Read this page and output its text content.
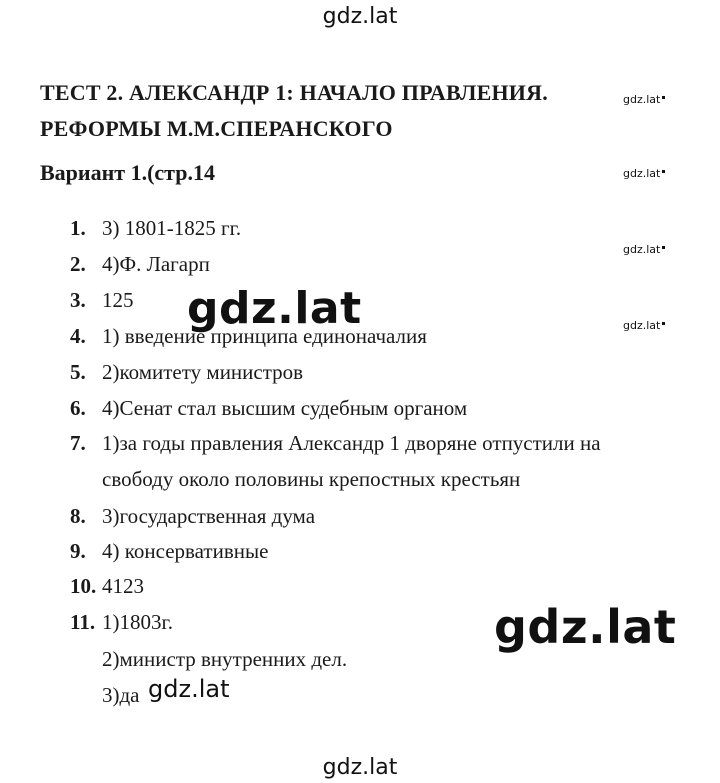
gdz.lat
ТЕСТ 2. АЛЕКСАНДР 1: НАЧАЛО ПРАВЛЕНИЯ.
РЕФОРМЫ М.М.СПЕРАНСКОГО
gdz.lat
gdz.lat
gdz.lat
gdz.lat
Вариант 1.(стр.14
1. 3) 1801-1825 гг.
2. 4)Ф. Лагарп
3. 125
4. 1) введение принципа единоначалия
5. 2)комитету министров
6. 4)Сенат стал высшим судебным органом
7. 1)за годы правления Александр 1 дворяне отпустили на
свободу около половины крепостных крестьян
8. 3)государственная дума
9. 4) консервативные
10. 4123
11. 1)1803г.
2)министр внутренних дел.
3)да
gdz.lat
gdz.lat
gdz.lat
gdz.lat
